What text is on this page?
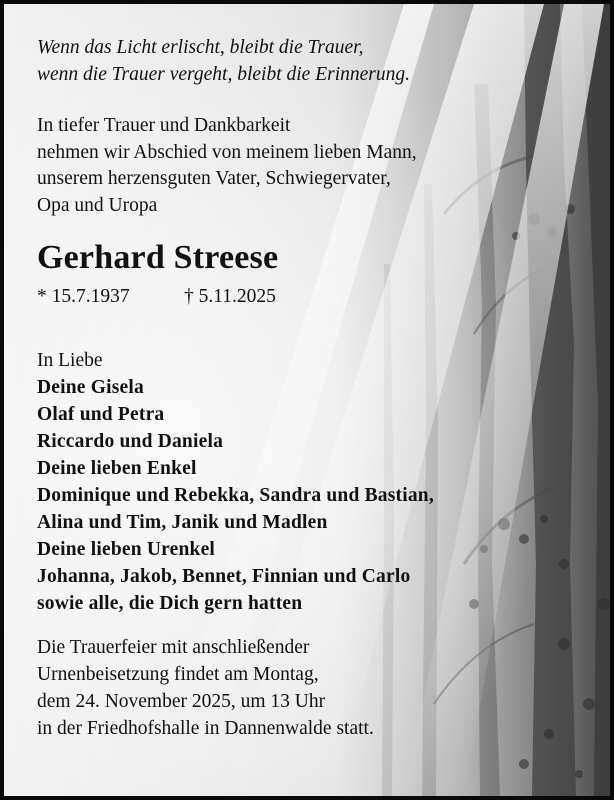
Wenn das Licht erlischt, bleibt die Trauer,
wenn die Trauer vergeht, bleibt die Erinnerung.

In tiefer Trauer und Dankbarkeit
nehmen wir Abschied von meinem lieben Mann,
unserem herzensguten Vater, Schwiegervater,
Opa und Uropa

Gerhard Streese

* 15.7.1937	† 5.11.2025

In Liebe
Deine Gisela
Olaf und Petra
Riccardo und Daniela
Deine lieben Enkel
Dominique und Rebekka, Sandra und Bastian,
Alina und Tim, Janik und Madlen
Deine lieben Urenkel
Johanna, Jakob, Bennet, Finnian und Carlo
sowie alle, die Dich gern hatten

Die Trauerfeier mit anschließender
Urnenbeisetzung findet am Montag,
dem 24. November 2025, um 13 Uhr
in der Friedhofshalle in Dannenwalde statt.
